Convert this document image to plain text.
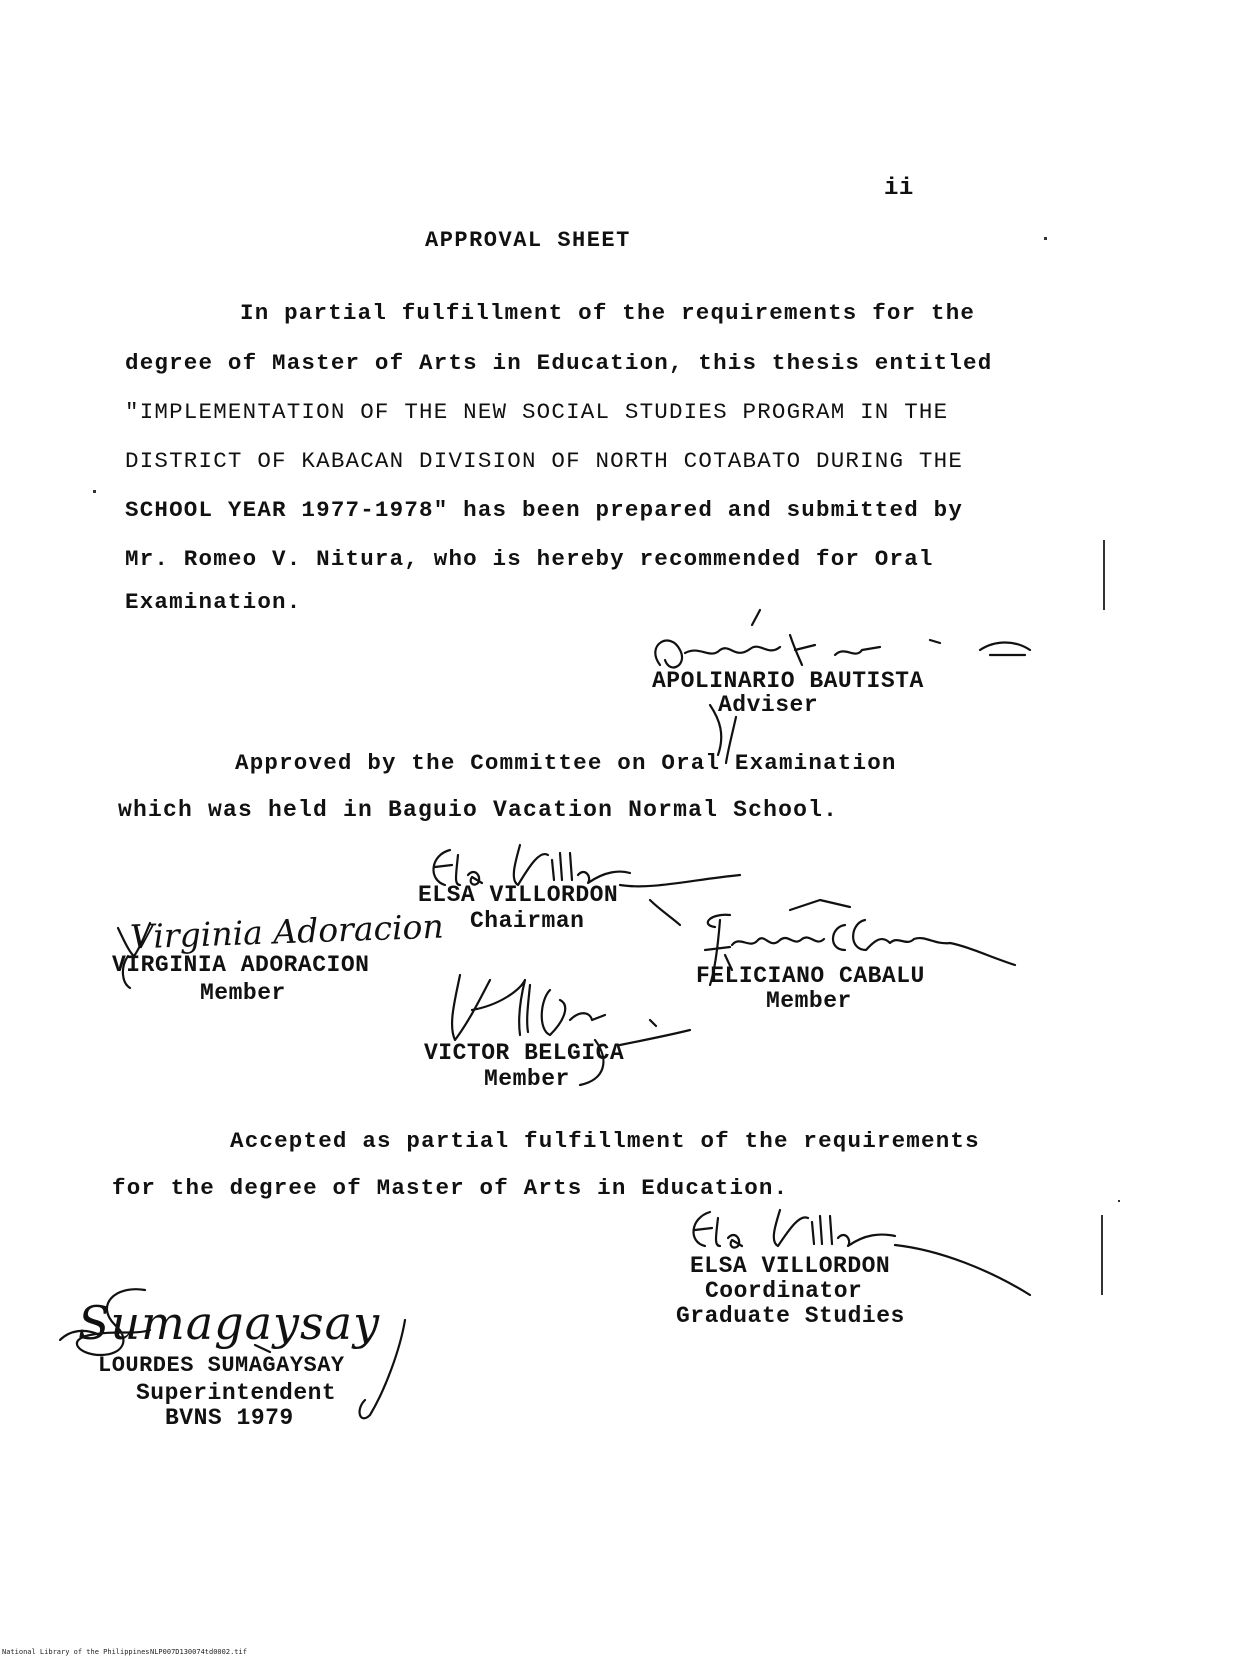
ii
APPROVAL SHEET
In partial fulfillment of the requirements for the
degree of Master of Arts in Education, this thesis entitled
"IMPLEMENTATION OF THE NEW SOCIAL STUDIES PROGRAM IN THE
DISTRICT OF KABACAN DIVISION OF NORTH COTABATO DURING THE
SCHOOL YEAR 1977-1978" has been prepared and submitted by
Mr. Romeo V. Nitura, who is hereby recommended for Oral
Examination.
APOLINARIO BAUTISTA
Adviser
Approved by the Committee on Oral Examination
which was held in Baguio Vacation Normal School.
ELSA VILLORDON
Chairman
Virginia Adoracion
VIRGINIA ADORACION
Member
FELICIANO CABALU
Member
VICTOR BELGICA
Member
Accepted as partial fulfillment of the requirements
for the degree of Master of Arts in Education.
ELSA VILLORDON
Coordinator
Graduate Studies
Sumagaysay
LOURDES SUMAGAYSAY
Superintendent
BVNS 1979
National Library of the Philippines NLP007D130074td0002.tif
